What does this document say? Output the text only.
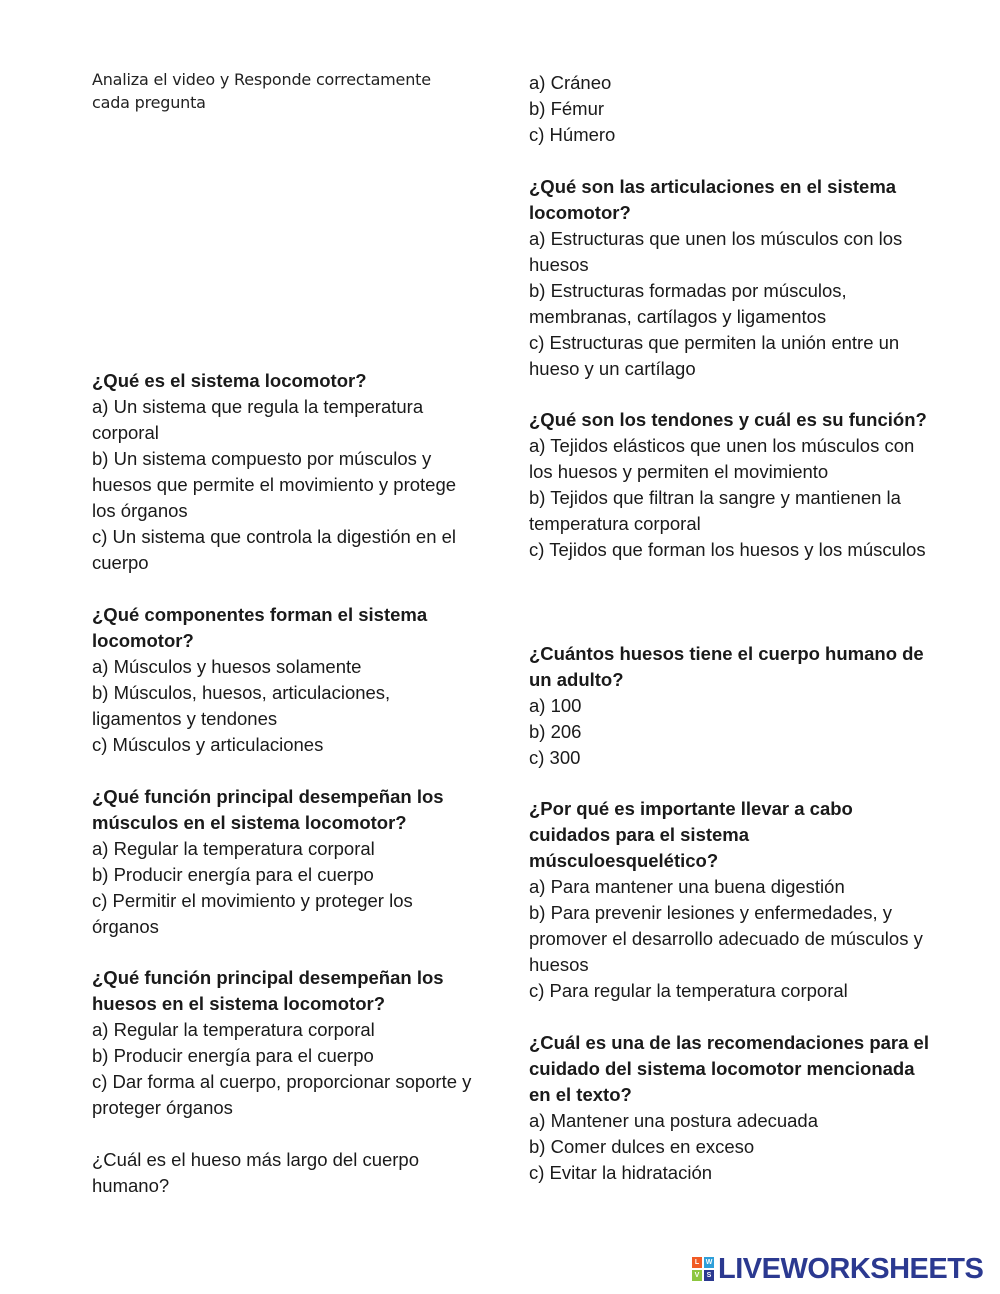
Analiza el video y Responde correctamente cada pregunta
¿Qué es el sistema locomotor?
a) Un sistema que regula la temperatura corporal
b) Un sistema compuesto por músculos y huesos que permite el movimiento y protege los órganos
c) Un sistema que controla la digestión en el cuerpo
¿Qué componentes forman el sistema locomotor?
a) Músculos y huesos solamente
b) Músculos, huesos, articulaciones, ligamentos y tendones
c) Músculos y articulaciones
¿Qué función principal desempeñan los músculos en el sistema locomotor?
a) Regular la temperatura corporal
b) Producir energía para el cuerpo
c) Permitir el movimiento y proteger los órganos
¿Qué función principal desempeñan los huesos en el sistema locomotor?
a) Regular la temperatura corporal
b) Producir energía para el cuerpo
c) Dar forma al cuerpo, proporcionar soporte y proteger órganos
¿Cuál es el hueso más largo del cuerpo humano?
a) Cráneo
b) Fémur
c) Húmero
¿Qué son las articulaciones en el sistema locomotor?
a) Estructuras que unen los músculos con los huesos
b) Estructuras formadas por músculos, membranas, cartílagos y ligamentos
c) Estructuras que permiten la unión entre un hueso y un cartílago
¿Qué son los tendones y cuál es su función?
a) Tejidos elásticos que unen los músculos con los huesos y permiten el movimiento
b) Tejidos que filtran la sangre y mantienen la temperatura corporal
c) Tejidos que forman los huesos y los músculos
¿Cuántos huesos tiene el cuerpo humano de un adulto?
a) 100
b) 206
c) 300
¿Por qué es importante llevar a cabo cuidados para el sistema músculoesquelético?
a) Para mantener una buena digestión
b) Para prevenir lesiones y enfermedades, y promover el desarrollo adecuado de músculos y huesos
c) Para regular la temperatura corporal
¿Cuál es una de las recomendaciones para el cuidado del sistema locomotor mencionada en el texto?
a) Mantener una postura adecuada
b) Comer dulces en exceso
c) Evitar la hidratación
L W
V	S LIVEWORKSHEETS
